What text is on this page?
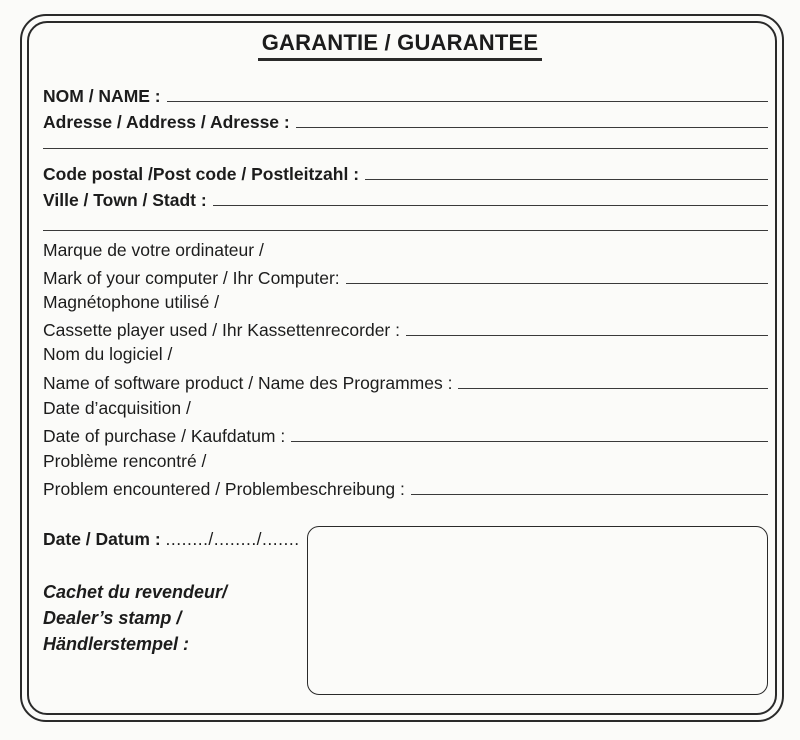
GARANTIE / GUARANTEE
NOM / NAME :
Adresse / Address / Adresse :
Code postal /Post code / Postleitzahl :
Ville / Town / Stadt :
Marque de votre ordinateur /
Mark of your computer / Ihr Computer:
Magnétophone utilisé /
Cassette player used / Ihr Kassettenrecorder :
Nom du logiciel /
Name of software product / Name des Programmes :
Date d’acquisition /
Date of purchase / Kaufdatum :
Problème rencontré /
Problem encountered / Problembeschreibung :
Date / Datum : ......../......../.......
Cachet du revendeur/
Dealer’s stamp /
Händlerstempel :
